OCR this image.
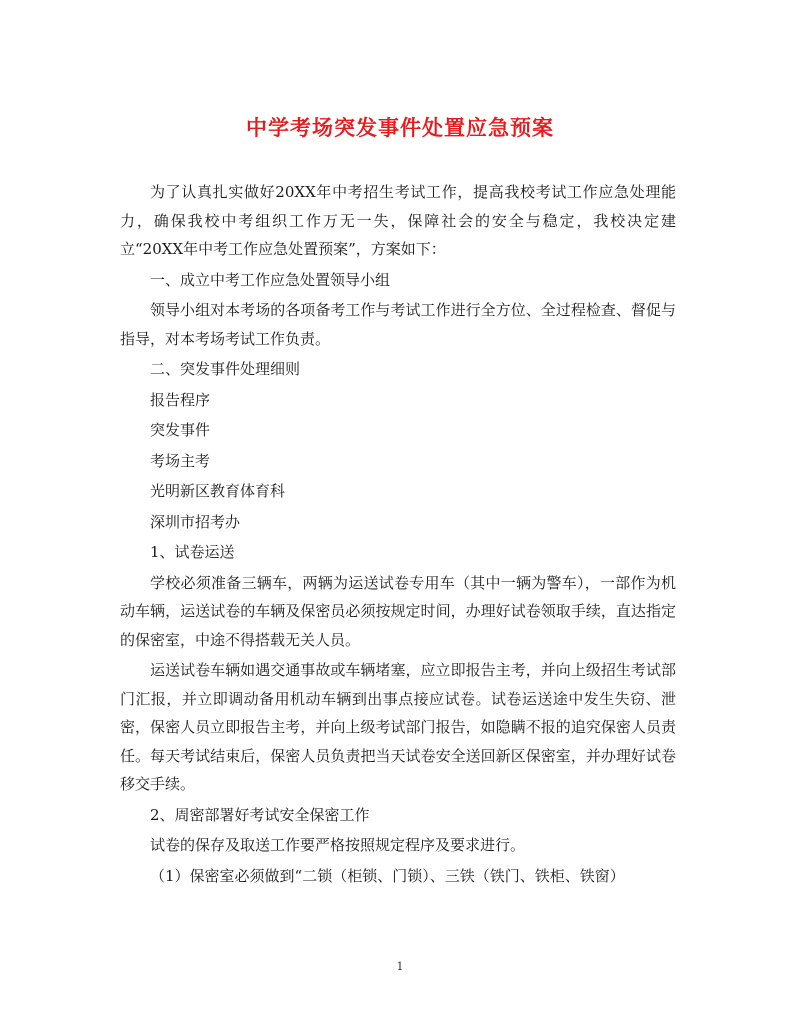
中学考场突发事件处置应急预案

为了认真扎实做好20XX年中考招生考试工作，提高我校考试工作应急处理能力，确保我校中考组织工作万无一失，保障社会的安全与稳定，我校决定建立“20XX年中考工作应急处置预案”，方案如下：

一、成立中考工作应急处置领导小组

领导小组对本考场的各项备考工作与考试工作进行全方位、全过程检查、督促与指导，对本考场考试工作负责。

二、突发事件处理细则

报告程序

突发事件

考场主考

光明新区教育体育科

深圳市招考办

1、试卷运送

学校必须准备三辆车，两辆为运送试卷专用车（其中一辆为警车），一部作为机动车辆，运送试卷的车辆及保密员必须按规定时间，办理好试卷领取手续，直达指定的保密室，中途不得搭载无关人员。

运送试卷车辆如遇交通事故或车辆堵塞，应立即报告主考，并向上级招生考试部门汇报，并立即调动备用机动车辆到出事点接应试卷。试卷运送途中发生失窃、泄密，保密人员立即报告主考，并向上级考试部门报告，如隐瞒不报的追究保密人员责任。每天考试结束后，保密人员负责把当天试卷安全送回新区保密室，并办理好试卷移交手续。

2、周密部署好考试安全保密工作

试卷的保存及取送工作要严格按照规定程序及要求进行。

（1）保密室必须做到“二锁（柜锁、门锁）、三铁（铁门、铁柜、铁窗）

1
